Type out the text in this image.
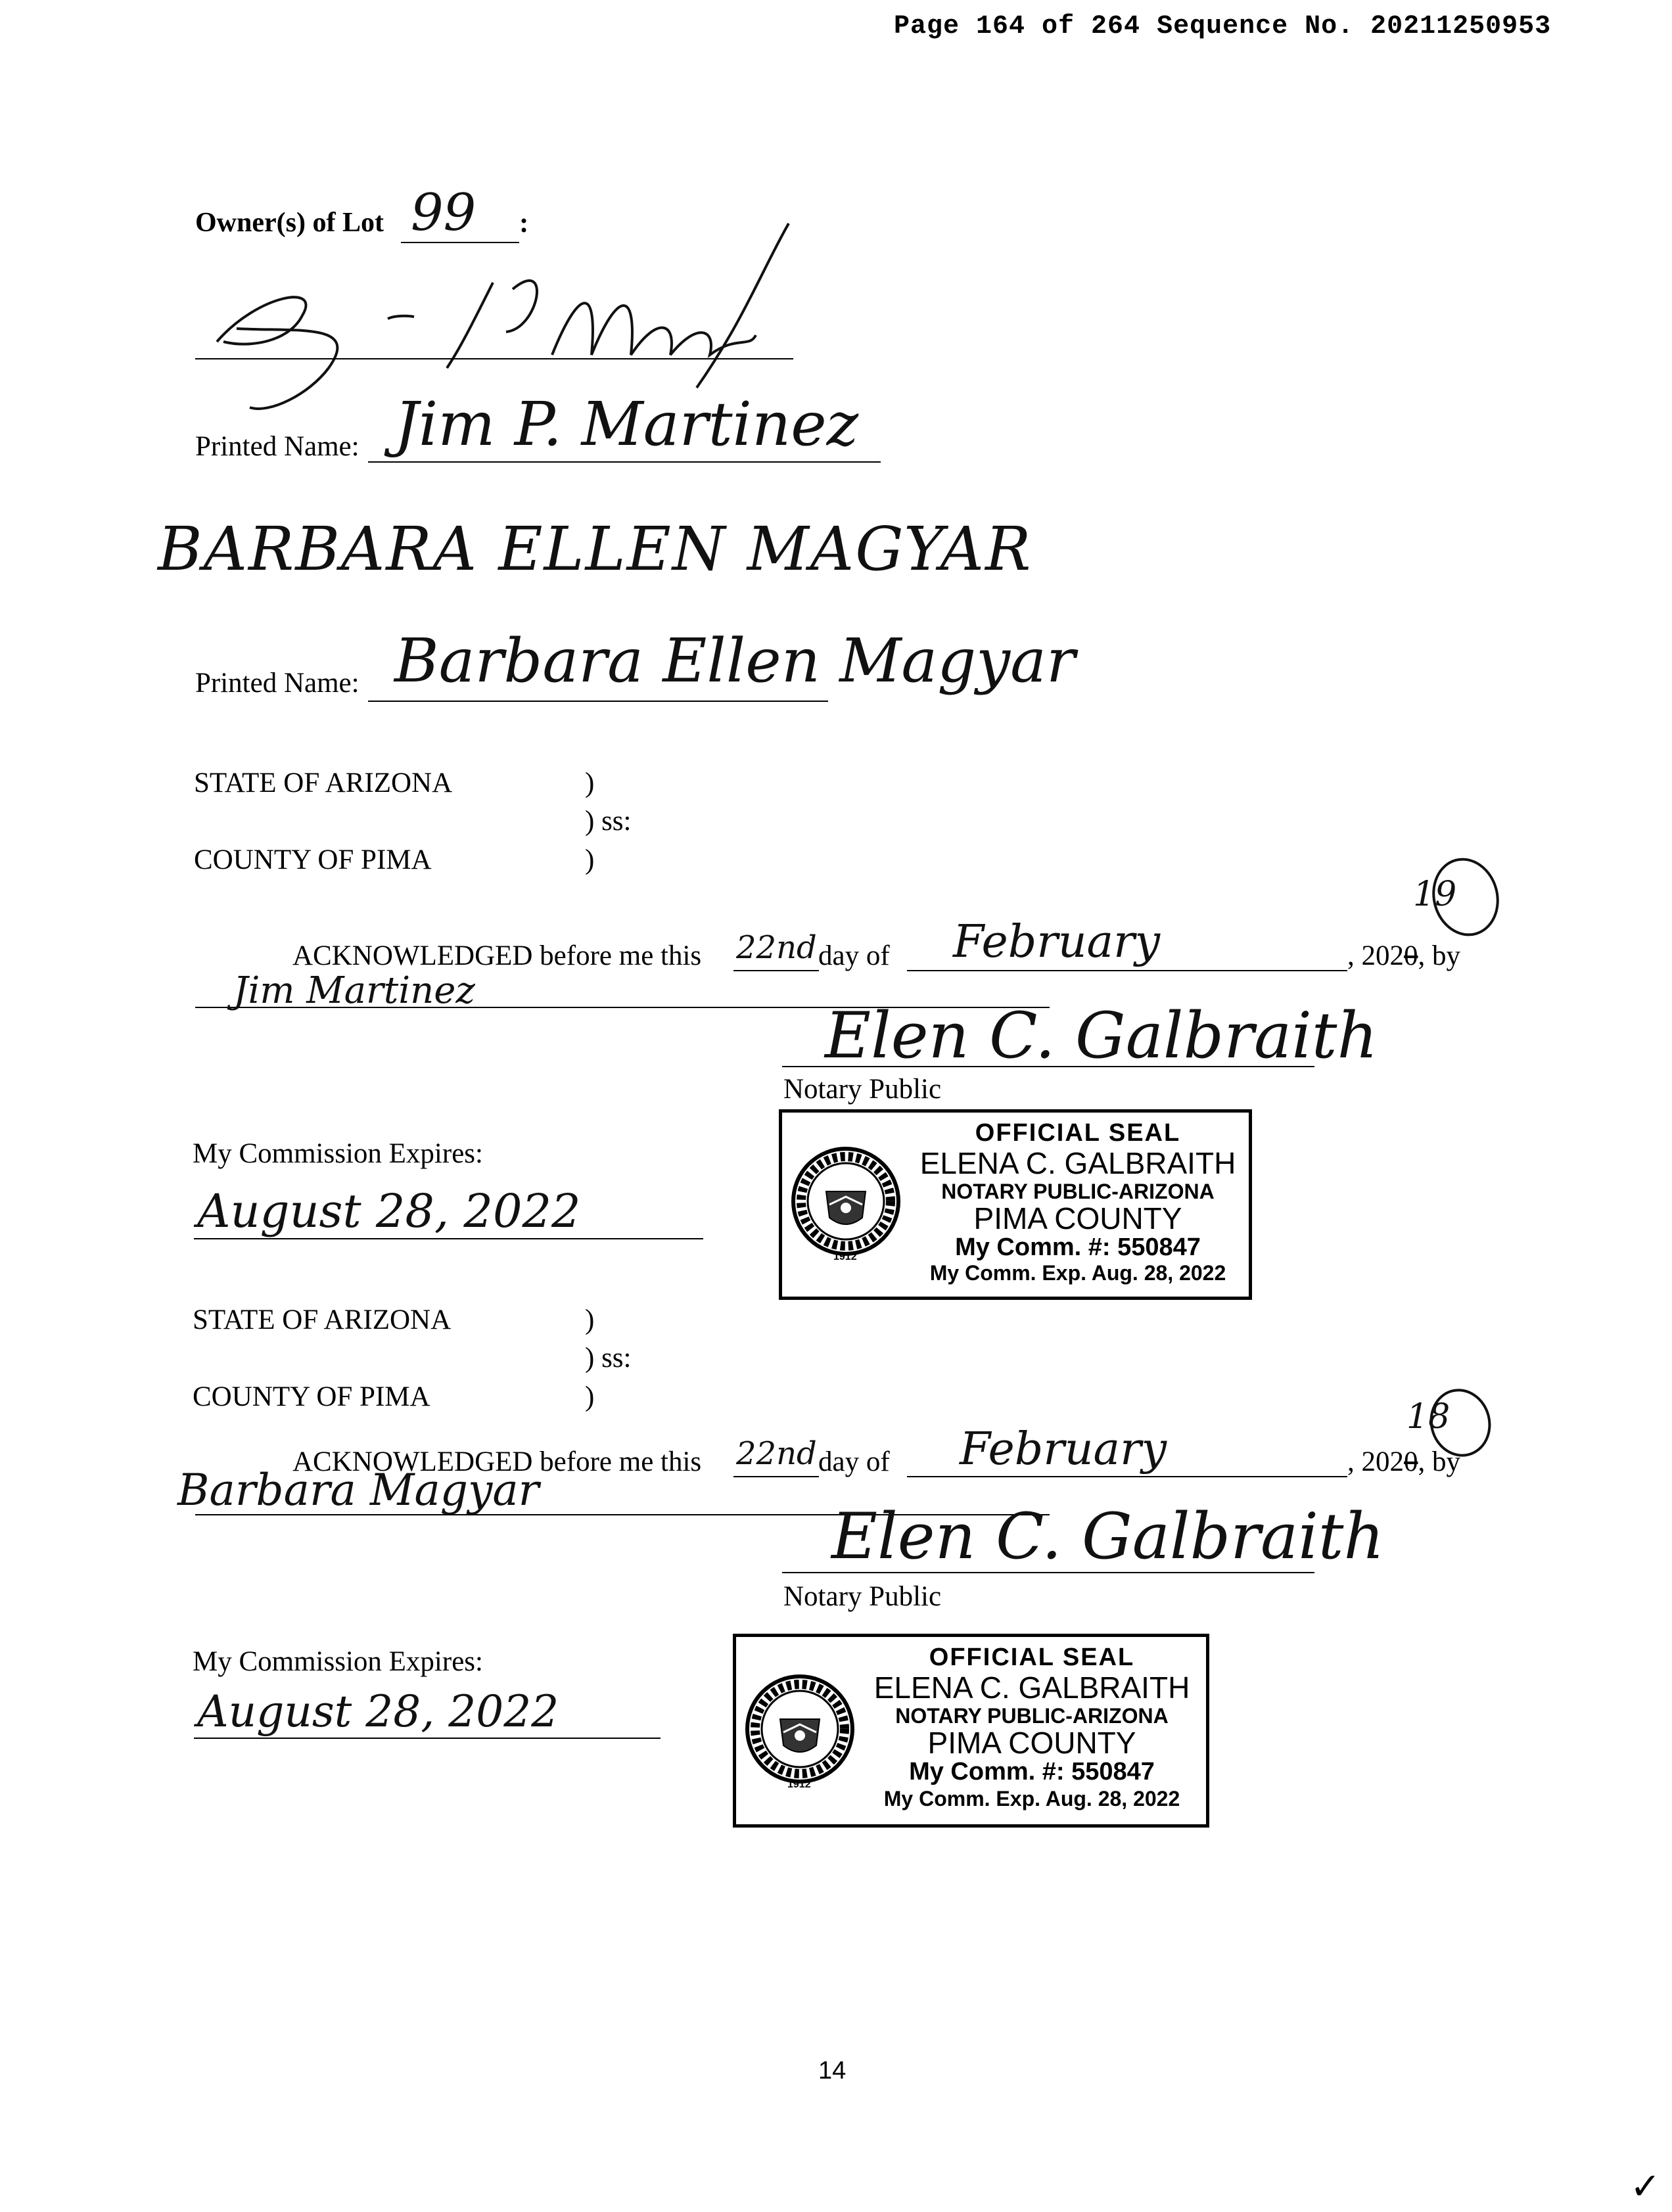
Page 164 of 264 Sequence No. 20211250953
Owner(s) of Lot 99 :
Printed Name: Jim P. Martinez
BARBARA ELLEN MAGYAR
Printed Name: Barbara Ellen Magyar
STATE OF ARIZONA	)
) ss:
COUNTY OF PIMA	)
ACKNOWLEDGED before me this 22nd day of February	, 2020, by
19
Jim Martinez
Elen C. Galbraith
Notary Public
My Commission Expires:
August 28, 2022
1912
OFFICIAL SEAL
ELENA C. GALBRAITH
NOTARY PUBLIC-ARIZONA
PIMA COUNTY
My Comm. #: 550847
My Comm. Exp. Aug. 28, 2022
STATE OF ARIZONA	)
) ss:
COUNTY OF PIMA	)
ACKNOWLEDGED before me this 22nd day of February	, 2020, by
18
Barbara Magyar
Elen C. Galbraith
Notary Public
My Commission Expires:
August 28, 2022
1912
OFFICIAL SEAL
ELENA C. GALBRAITH
NOTARY PUBLIC-ARIZONA
PIMA COUNTY
My Comm. #: 550847
My Comm. Exp. Aug. 28, 2022
14
✓
